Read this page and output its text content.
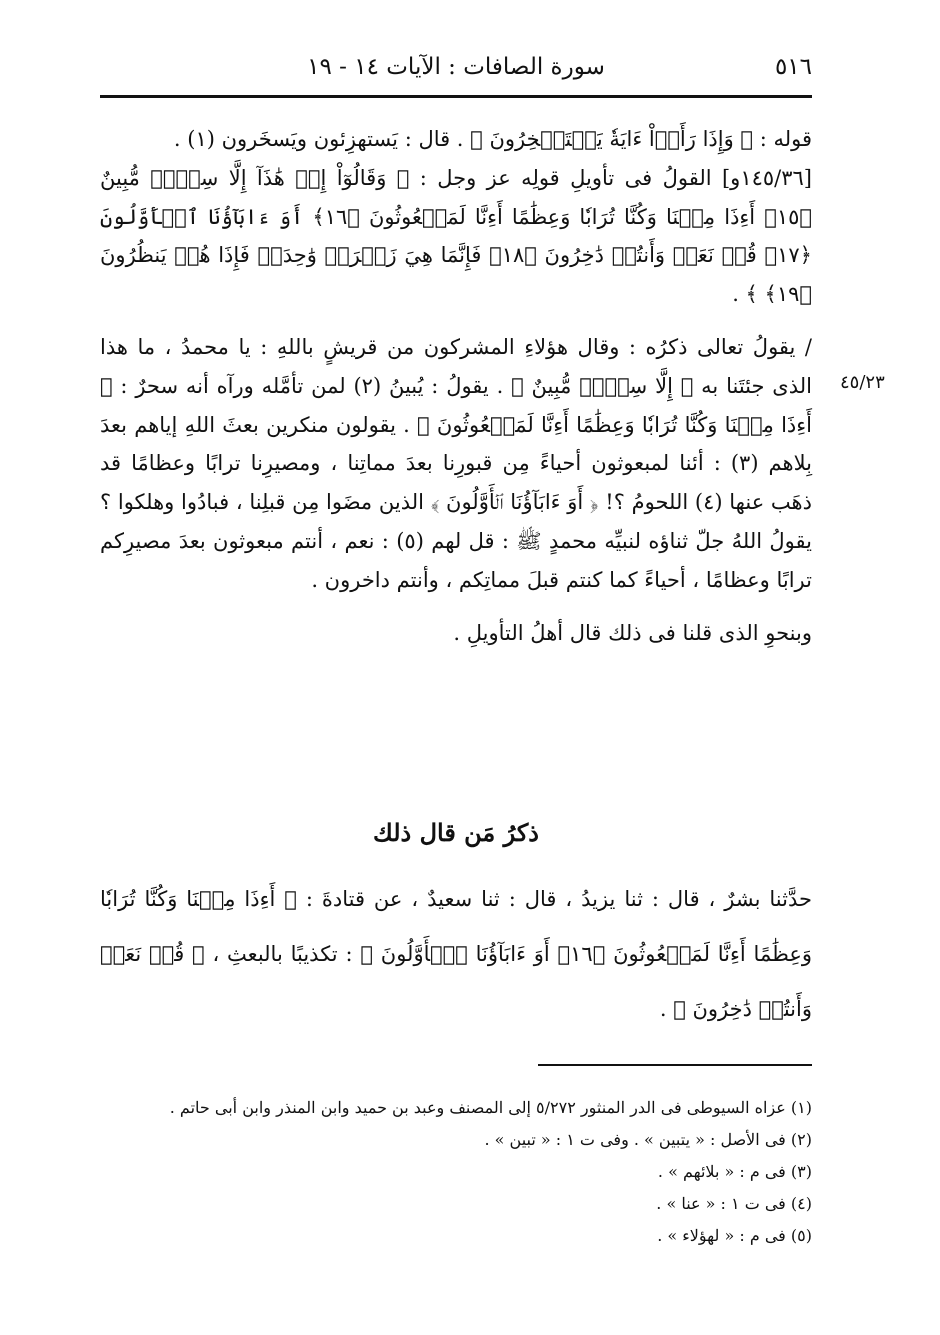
٥١٦
سورة الصافات : الآيات ١٤ - ١٩
٤٥/٢٣

قوله : ﴿ وَإِذَا رَأَوۡاْ ءَايَةٗ يَسۡتَسۡخِرُونَ ﴾ . قال : يَستهزِئون ويَسخَرون (١) .

[١٤٥/٣٦و] القولُ فى تأويلِ قولِه عز وجل : ﴿ وَقَالُوٓاْ إِنۡ هَٰذَآ إِلَّا سِحۡرٞ مُّبِينٌ ﴿١٥﴾ أَءِذَا مِتۡنَا وَكُنَّا تُرَابٗا وَعِظَٰمًا أَءِنَّا لَمَبۡعُوثُونَ ﴿١٦﴾ أَوَ ءَابَآؤُنَا ٱلۡأَوَّلُونَ ﴿١٧﴾ قُلۡ نَعَمۡ وَأَنتُمۡ دَٰخِرُونَ ﴿١٨﴾ فَإِنَّمَا هِيَ زَجۡرَةٞ وَٰحِدَةٞ فَإِذَا هُمۡ يَنظُرُونَ ﴿١٩﴾ ﴾ .

/ يقولُ تعالى ذكرُه : وقال هؤلاءِ المشركون من قريشٍ باللهِ : يا محمدُ ، ما هذا الذى جئتَنا به ﴿ إِلَّا سِحۡرٞ مُّبِينٌ ﴾ . يقولُ : يُبينُ (٢) لمن تأمَّله ورآه أنه سحرٌ : ﴿ أَءِذَا مِتۡنَا وَكُنَّا تُرَابٗا وَعِظَٰمًا أَءِنَّا لَمَبۡعُوثُونَ ﴾ . يقولون منكرين بعثَ اللهِ إياهم بعدَ بِلاهم (٣) : أئنا لمبعوثون أحياءً مِن قبورِنا بعدَ مماتِنا ، ومصيرِنا ترابًا وعظامًا قد ذهَب عنها (٤) اللحومُ ؟! ﴿ أَوَ ءَابَآؤُنَا ٱلۡأَوَّلُونَ ﴾ الذين مضَوا مِن قبلِنا ، فبادُوا وهلكوا ؟ يقولُ اللهُ جلّ ثناؤه لنبيِّه محمدٍ ﷺ : قل لهم (٥) : نعم ، أنتم مبعوثون بعدَ مصيرِكم ترابًا وعظامًا ، أحياءً كما كنتم قبلَ مماتِكم ، وأنتم داخرون .

وبنحوِ الذى قلنا فى ذلك قال أهلُ التأويلِ .

ذكرُ مَن قال ذلك

حدَّثنا بشرٌ ، قال : ثنا يزيدُ ، قال : ثنا سعيدٌ ، عن قتادةَ : ﴿ أَءِذَا مِتۡنَا وَكُنَّا تُرَابٗا وَعِظَٰمًا أَءِنَّا لَمَبۡعُوثُونَ ﴿١٦﴾ أَوَ ءَابَآؤُنَا ٱلۡأَوَّلُونَ ﴾ : تكذيبًا بالبعثِ ، ﴿ قُلۡ نَعَمۡ وَأَنتُمۡ دَٰخِرُونَ ﴾ .

(١) عزاه السيوطى فى الدر المنثور ٥/٢٧٢ إلى المصنف وعبد بن حميد وابن المنذر وابن أبى حاتم .
(٢) فى الأصل : « يتبين » . وفى ت ١ : « تبين » .
(٣) فى م : « بلائهم » .
(٤) فى ت ١ : « عنا » .
(٥) فى م : « لهؤلاء » .
